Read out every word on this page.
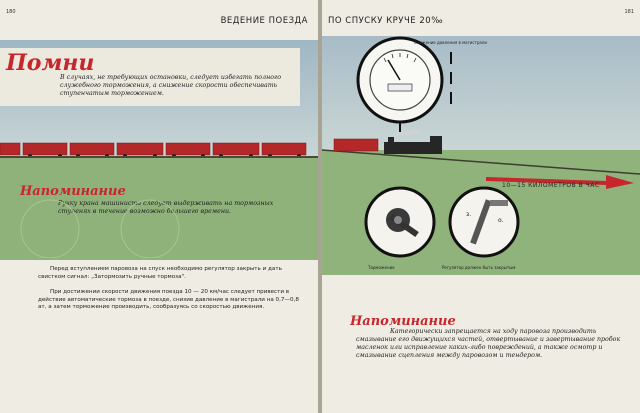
180
ВЕДЕНИЕ ПОЕЗДА
Помни
В случаях, не требующих остановки, следует избегать полного служебного торможения, а снижение скорости обеспечивать ступенчатым торможением.
Напоминание
Ручку крана машиниста следует выдерживать на тормозных ступенях в течение возможно большего времени.
Перед вступлением паровоза на спуск необходимо регулятор закрыть и дать свистком сигнал: „Затормозить ручные тормоза".
При достижении скорости движения поезда 10 — 20 км/час следует привести в действие автоматические тормоза в поезде, снизив давление в магистрали на 0,7—0,8 ат, а затем торможение производить, сообразуясь со скоростью движения.
181
ПО СПУСКУ КРУЧЕ 20‰
Снижение давления в магистрали
10—15 КИЛОМЕТРОВ В ЧАС
Торможение
з.
о.
Регулятор должен быть закрытым
Напоминание
Категорически запрещается на ходу паровоза производить смазывание его движущихся частей, отвертывание и завертывание пробок масленок или исправление каких-либо повреждений, а также осмотр и смазывание сцепления между паровозом и тендером.
